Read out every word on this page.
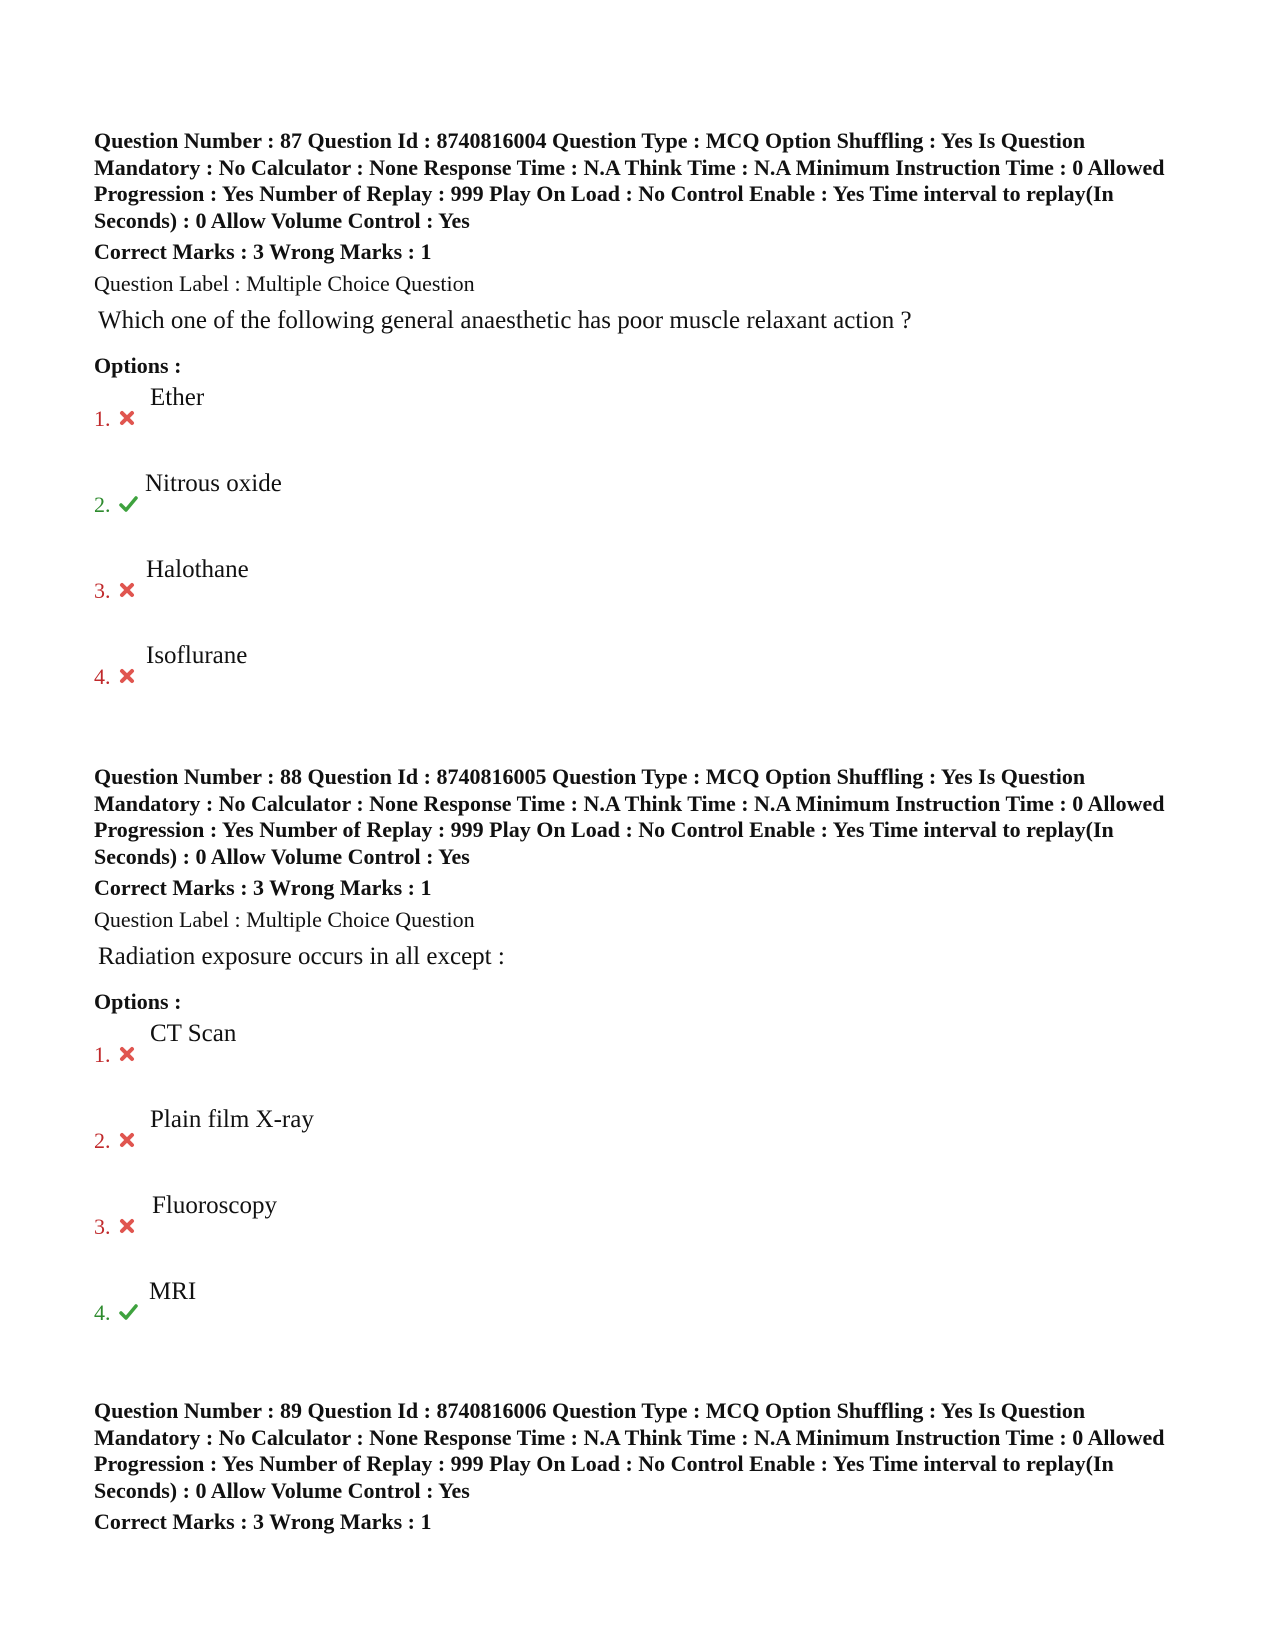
Question Number : 87 Question Id : 8740816004 Question Type : MCQ Option Shuffling : Yes Is Question Mandatory : No Calculator : None Response Time : N.A Think Time : N.A Minimum Instruction Time : 0 Allowed Progression : Yes Number of Replay : 999 Play On Load : No Control Enable : Yes Time interval to replay(In Seconds) : 0 Allow Volume Control : Yes
Correct Marks : 3 Wrong Marks : 1
Question Label : Multiple Choice Question
Which one of the following general anaesthetic has poor muscle relaxant action ?
Options :
1.
Ether
2.
Nitrous oxide
3.
Halothane
4.
Isoflurane
Question Number : 88 Question Id : 8740816005 Question Type : MCQ Option Shuffling : Yes Is Question Mandatory : No Calculator : None Response Time : N.A Think Time : N.A Minimum Instruction Time : 0 Allowed Progression : Yes Number of Replay : 999 Play On Load : No Control Enable : Yes Time interval to replay(In Seconds) : 0 Allow Volume Control : Yes
Correct Marks : 3 Wrong Marks : 1
Question Label : Multiple Choice Question
Radiation exposure occurs in all except :
Options :
1.
CT Scan
2.
Plain film X-ray
3.
Fluoroscopy
4.
MRI
Question Number : 89 Question Id : 8740816006 Question Type : MCQ Option Shuffling : Yes Is Question Mandatory : No Calculator : None Response Time : N.A Think Time : N.A Minimum Instruction Time : 0 Allowed Progression : Yes Number of Replay : 999 Play On Load : No Control Enable : Yes Time interval to replay(In Seconds) : 0 Allow Volume Control : Yes
Correct Marks : 3 Wrong Marks : 1
